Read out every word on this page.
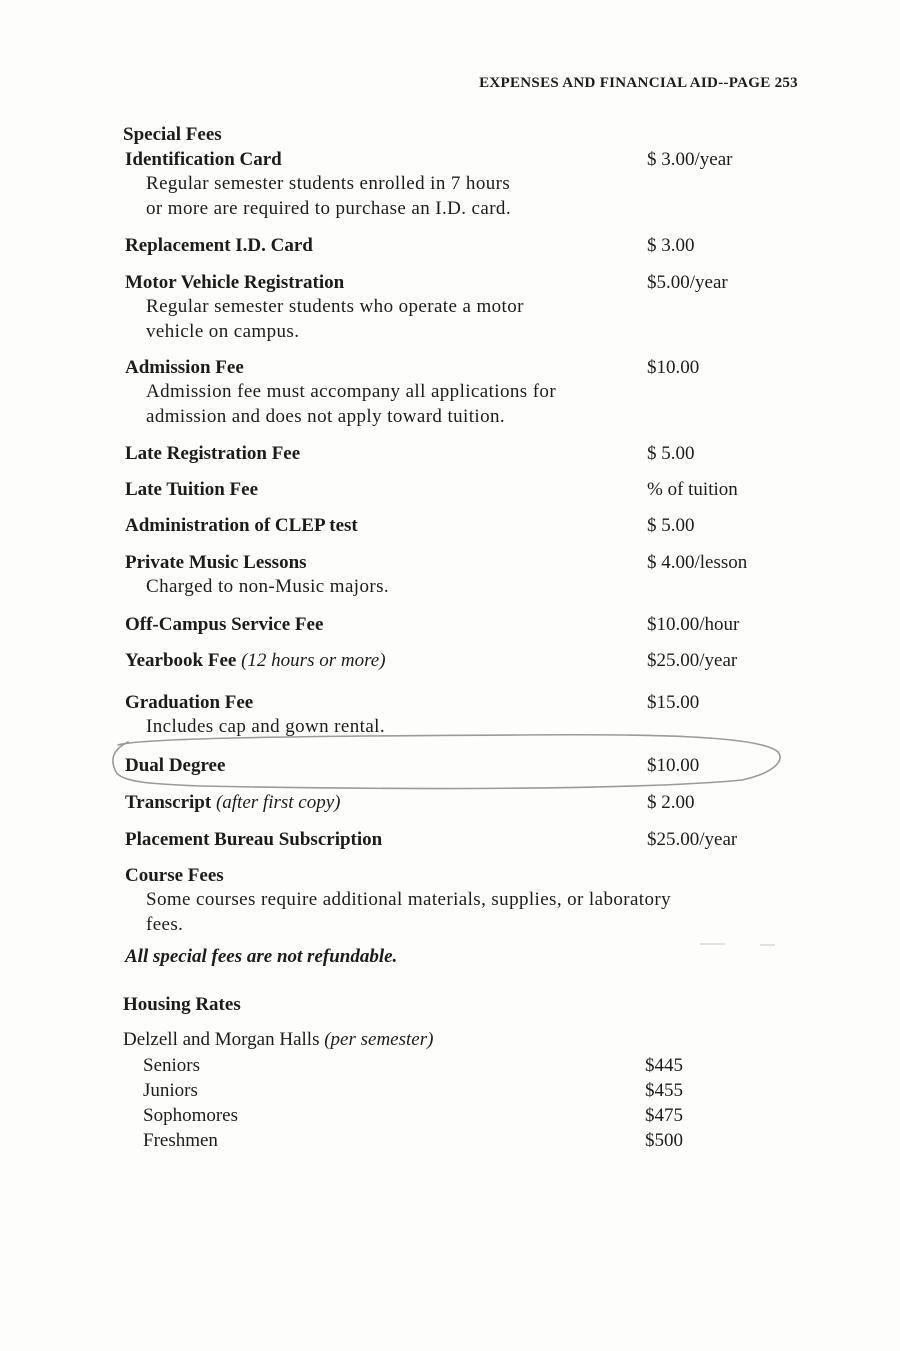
EXPENSES AND FINANCIAL AID--PAGE 253
Special Fees
Identification Card	$ 3.00/year
Regular semester students enrolled in 7 hours
or more are required to purchase an I.D. card.
Replacement I.D. Card	$ 3.00
Motor Vehicle Registration	$5.00/year
Regular semester students who operate a motor
vehicle on campus.
Admission Fee	$10.00
Admission fee must accompany all applications for
admission and does not apply toward tuition.
Late Registration Fee	$ 5.00
Late Tuition Fee	% of tuition
Administration of CLEP test	$ 5.00
Private Music Lessons	$ 4.00/lesson
Charged to non-Music majors.
Off-Campus Service Fee	$10.00/hour
Yearbook Fee (12 hours or more)	$25.00/year
Graduation Fee	$15.00
Includes cap and gown rental.
Dual Degree	$10.00
Transcript (after first copy)	$ 2.00
Placement Bureau Subscription	$25.00/year
Course Fees
Some courses require additional materials, supplies, or laboratory
fees.
All special fees are not refundable.
Housing Rates
Delzell and Morgan Halls (per semester)
Seniors	$445
Juniors	$455
Sophomores	$475
Freshmen	$500
